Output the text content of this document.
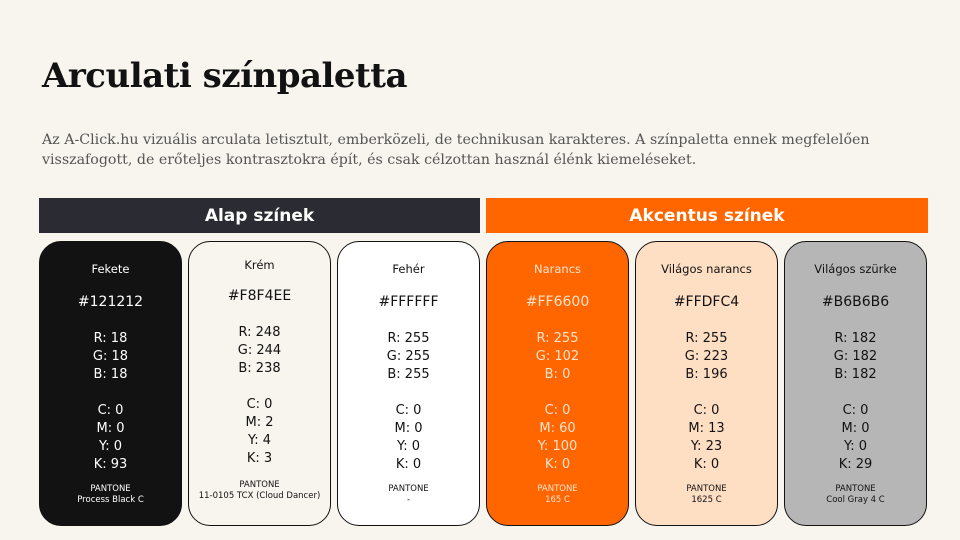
Arculati színpaletta

Az A-Click.hu vizuális arculata letisztult, emberközeli, de technikusan karakteres. A színpaletta ennek megfelelően visszafogott, de erőteljes kontrasztokra épít, és csak célzottan használ élénk kiemeléseket.

Alap színek	Akcentus színek
Fekete
#121212
R: 18
G: 18
B: 18
C: 0
M: 0
Y: 0
K: 93
PANTONE
Process Black C
Krém
#F8F4EE
R: 248
G: 244
B: 238
C: 0
M: 2
Y: 4
K: 3
PANTONE
11-0105 TCX (Cloud Dancer)
Fehér
#FFFFFF
R: 255
G: 255
B: 255
C: 0
M: 0
Y: 0
K: 0
PANTONE
-
Narancs
#FF6600
R: 255
G: 102
B: 0
C: 0
M: 60
Y: 100
K: 0
PANTONE
165 C
Világos narancs
#FFDFC4
R: 255
G: 223
B: 196
C: 0
M: 13
Y: 23
K: 0
PANTONE
1625 C
Világos szürke
#B6B6B6
R: 182
G: 182
B: 182
C: 0
M: 0
Y: 0
K: 29
PANTONE
Cool Gray 4 C
